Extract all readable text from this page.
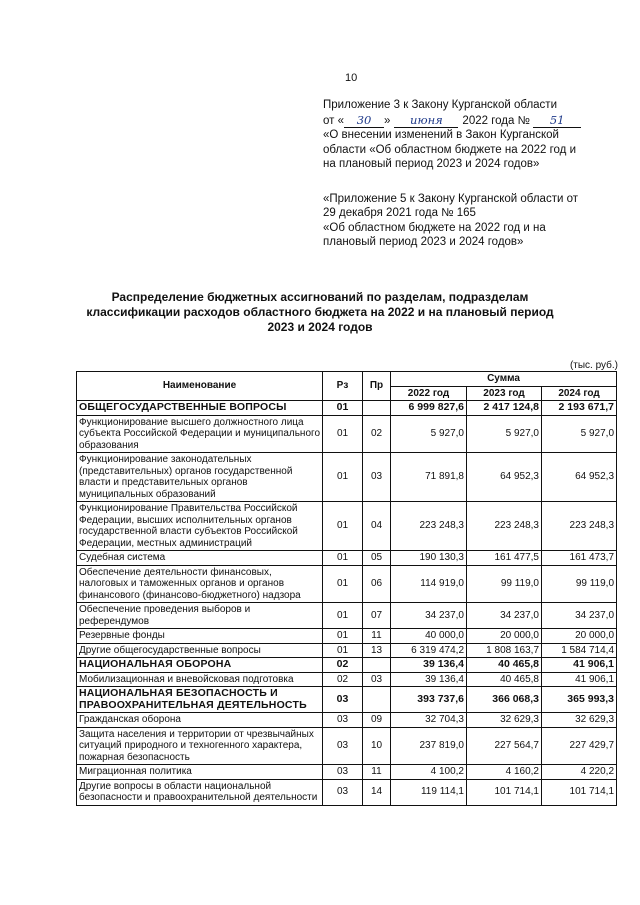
10
Приложение 3 к Закону Курганской области
от « 30 » июня 2022 года № 51
«О внесении изменений в Закон Курганской
области «Об областном бюджете на 2022 год и
на плановый период 2023 и 2024 годов»
«Приложение 5 к Закону Курганской области от
29 декабря 2021 года № 165
«Об областном бюджете на 2022 год и на
плановый период 2023 и 2024 годов»
Распределение бюджетных ассигнований по разделам, подразделам
классификации расходов областного бюджета на 2022 и на плановый период
2023 и 2024 годов
(тыс. руб.)
Наименование	Рз	Пр	Сумма		
			2022 год	2023 год	2024 год
ОБЩЕГОСУДАРСТВЕННЫЕ ВОПРОСЫ	01		6 999 827,6	2 417 124,8	2 193 671,7
Функционирование высшего должностного лица субъекта Российской Федерации и муниципального образования	01	02	5 927,0	5 927,0	5 927,0
Функционирование законодательных (представительных) органов государственной власти и представительных органов муниципальных образований	01	03	71 891,8	64 952,3	64 952,3
Функционирование Правительства Российской Федерации, высших исполнительных органов государственной власти субъектов Российской Федерации, местных администраций	01	04	223 248,3	223 248,3	223 248,3
Судебная система	01	05	190 130,3	161 477,5	161 473,7
Обеспечение деятельности финансовых, налоговых и таможенных органов и органов финансового (финансово-бюджетного) надзора	01	06	114 919,0	99 119,0	99 119,0
Обеспечение проведения выборов и референдумов	01	07	34 237,0	34 237,0	34 237,0
Резервные фонды	01	11	40 000,0	20 000,0	20 000,0
Другие общегосударственные вопросы	01	13	6 319 474,2	1 808 163,7	1 584 714,4
НАЦИОНАЛЬНАЯ ОБОРОНА	02		39 136,4	40 465,8	41 906,1
Мобилизационная и вневойсковая подготовка	02	03	39 136,4	40 465,8	41 906,1
НАЦИОНАЛЬНАЯ БЕЗОПАСНОСТЬ И ПРАВООХРАНИТЕЛЬНАЯ ДЕЯТЕЛЬНОСТЬ	03		393 737,6	366 068,3	365 993,3
Гражданская оборона	03	09	32 704,3	32 629,3	32 629,3
Защита населения и территории от чрезвычайных ситуаций природного и техногенного характера, пожарная безопасность	03	10	237 819,0	227 564,7	227 429,7
Миграционная политика	03	11	4 100,2	4 160,2	4 220,2
Другие вопросы в области национальной безопасности и правоохранительной деятельности	03	14	119 114,1	101 714,1	101 714,1
